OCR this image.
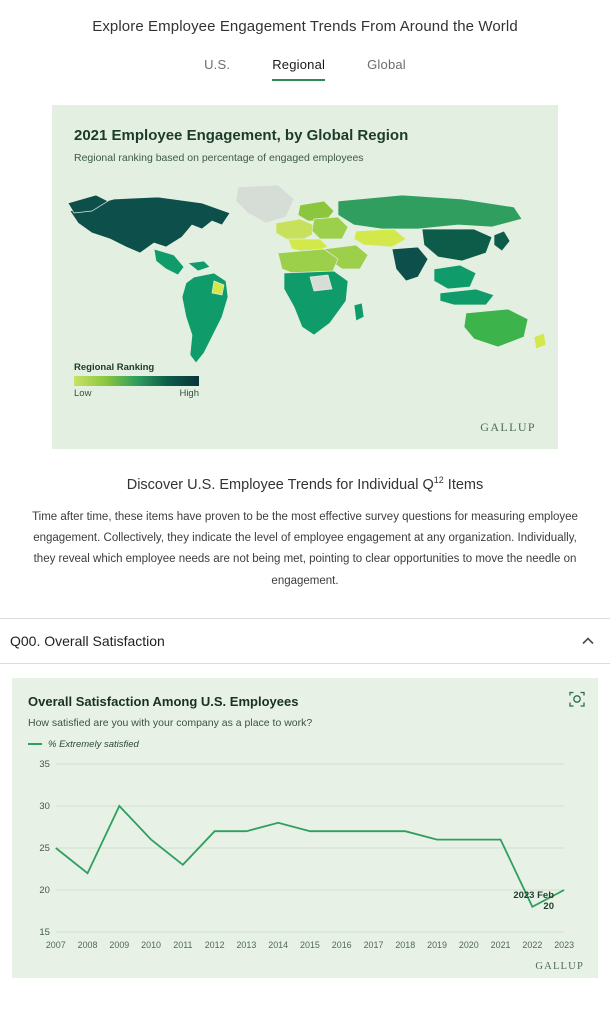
Explore Employee Engagement Trends From Around the World
U.S.	Regional	Global

2021 Employee Engagement, by Global Region

Regional ranking based on percentage of engaged employees

Regional Ranking
Low	High
GALLUP
Discover U.S. Employee Trends for Individual $Q^{12}$ Items
Time after time, these items have proven to be the most effective survey questions for measuring employee engagement. Collectively, they indicate the level of employee engagement at any organization. Individually, they reveal which employee needs are not being met, pointing to clear opportunities to move the needle on engagement.
Q00. Overall Satisfaction

Overall Satisfaction Among U.S. Employees

How satisfied are you with your company as a place to work?

% Extremely satisfied
15
20
25
30
35
2007 2008 2009 2010 2011 2012 2013 2014 2015 2016 2017 2018 2019 2020 2021 2022 2023
2023 Feb
20
GALLUP
